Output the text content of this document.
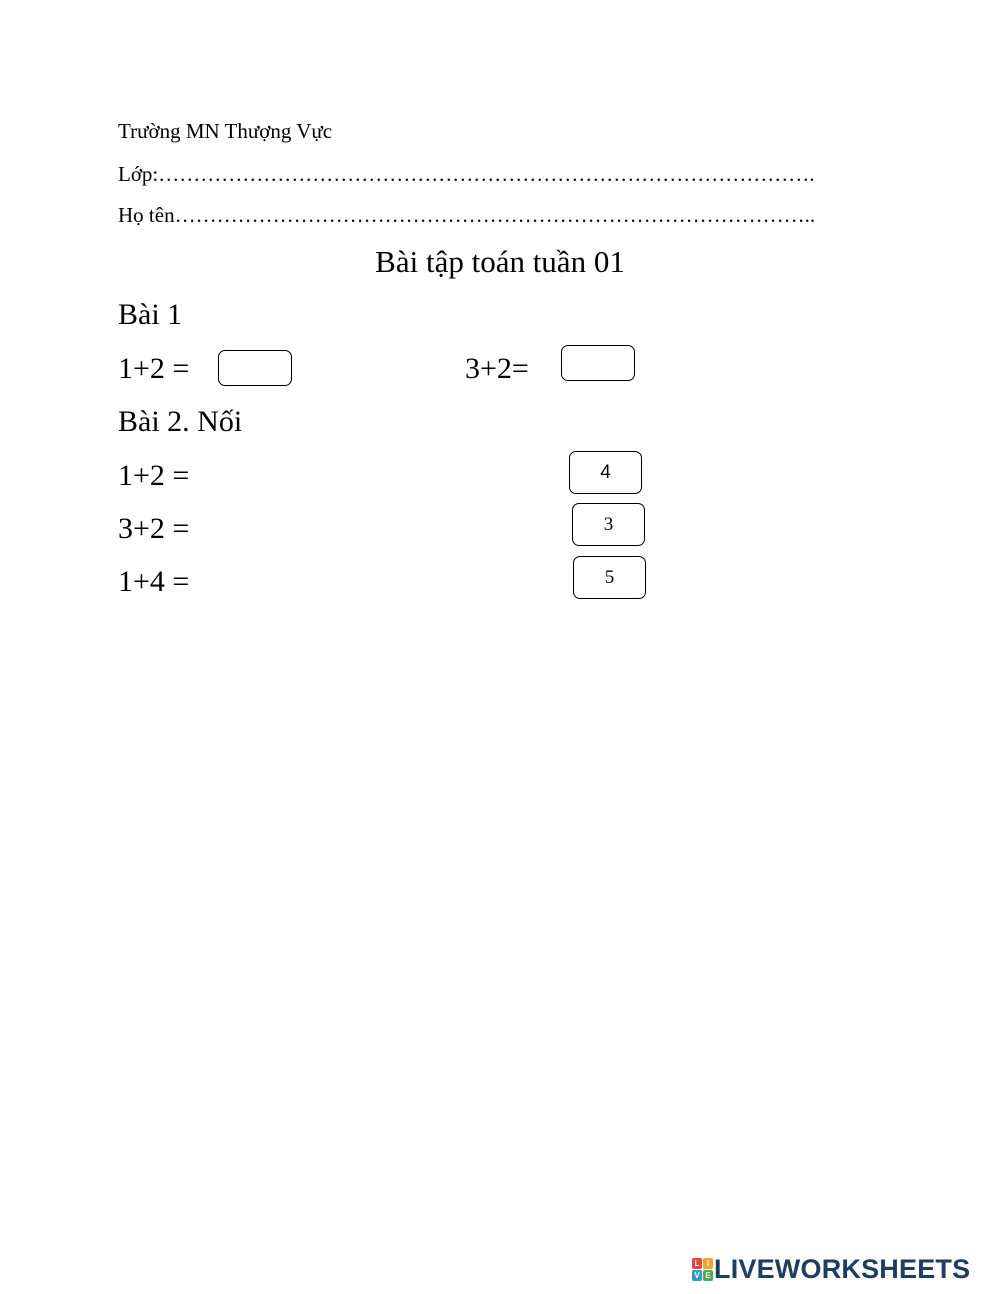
Trường MN Thượng Vực
Lớp:………………………………………………………………………………….
Họ tên………………………………………………………………………………..
Bài tập toán tuần 01
Bài 1
1+2 =	3+2=
Bài 2. Nối
1+2 =
3+2 =
1+4 =
4
3
5
L I
V E LIVEWORKSHEETS
